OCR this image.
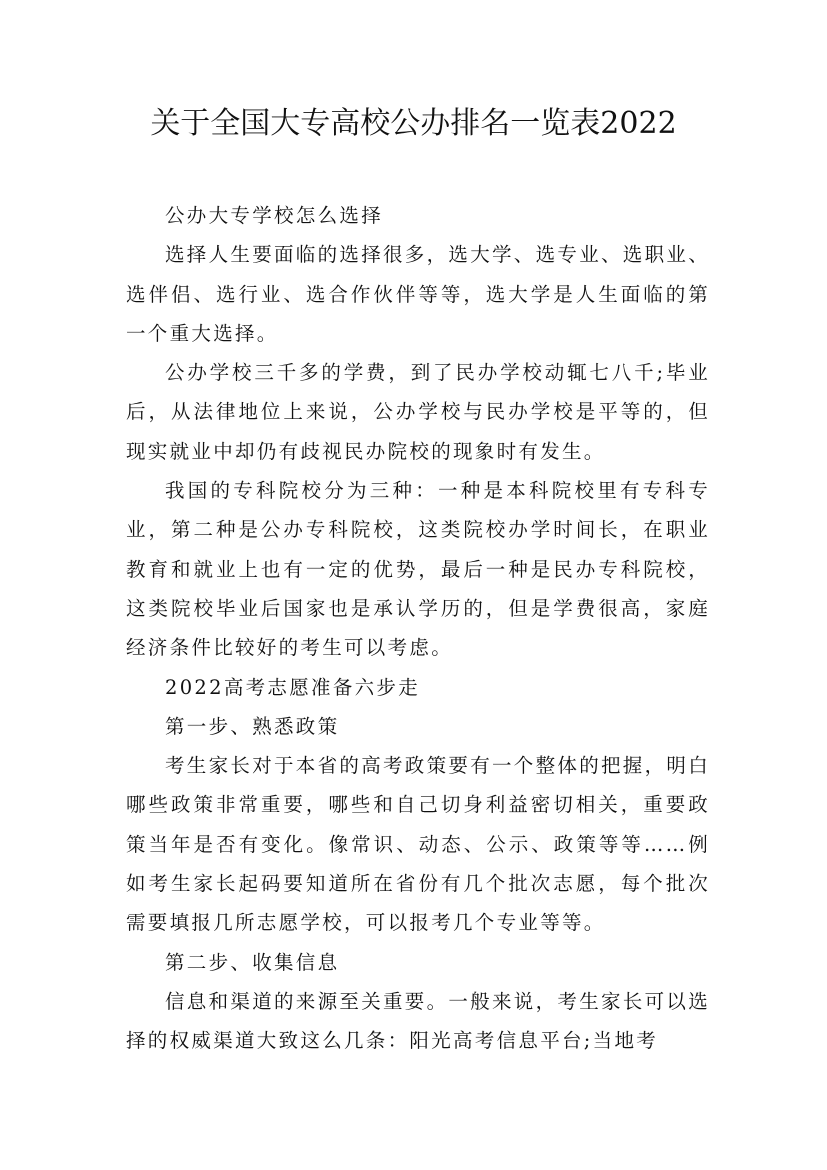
关于全国大专高校公办排名一览表2022

公办大专学校怎么选择

选择人生要面临的选择很多，选大学、选专业、选职业、选伴侣、选行业、选合作伙伴等等，选大学是人生面临的第一个重大选择。

公办学校三千多的学费，到了民办学校动辄七八千;毕业后，从法律地位上来说，公办学校与民办学校是平等的，但现实就业中却仍有歧视民办院校的现象时有发生。

我国的专科院校分为三种：一种是本科院校里有专科专业，第二种是公办专科院校，这类院校办学时间长，在职业教育和就业上也有一定的优势，最后一种是民办专科院校，这类院校毕业后国家也是承认学历的，但是学费很高，家庭经济条件比较好的考生可以考虑。

2022高考志愿准备六步走

第一步、熟悉政策

考生家长对于本省的高考政策要有一个整体的把握，明白哪些政策非常重要，哪些和自己切身利益密切相关，重要政策当年是否有变化。像常识、动态、公示、政策等等……例如考生家长起码要知道所在省份有几个批次志愿，每个批次需要填报几所志愿学校，可以报考几个专业等等。

第二步、收集信息

信息和渠道的来源至关重要。一般来说，考生家长可以选择的权威渠道大致这么几条：阳光高考信息平台;当地考
